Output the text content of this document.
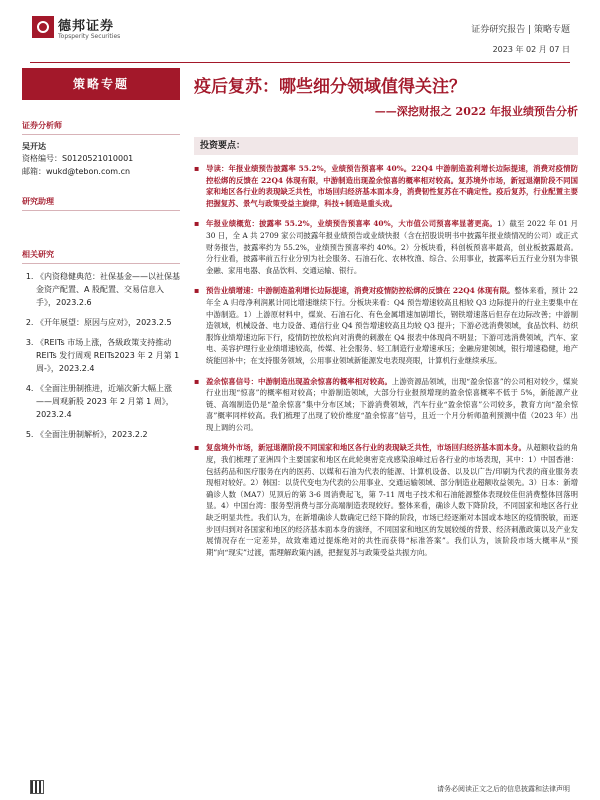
德邦证券
Topsperity Securities
证券研究报告 | 策略专题
2023 年 02 月 07 日
策略专题
证券分析师
吴开达
资格编号：S0120521010001
邮箱：wukd@tebon.com.cn
研究助理
相关研究
1. 《内资稳健典范：社保基金——以社保基金资产配置、A 股配置、交易信息入手》，2023.2.6
2. 《开年展望：原因与应对》，2023.2.5
3. 《REITs 市场上涨，各級政策支持推动 REITs 发行周观 REITs2023 年 2 月第 1 周-》，2023.2.4
4. 《全面注册制推进，近端次新大幅上涨——周观新股 2023 年 2 月第 1 周》，2023.2.4
5. 《全面注册制解析》，2023.2.2
疫后复苏：哪些细分领域值得关注？
——深挖财报之 2022 年报业绩预告分析
投资要点：
▪ 导读：年报业绩预告披露率 55.2%，业绩预告预喜率 40%。22Q4 中游制造盈利增长边际提速，消费对疫情防控松绑的反馈在 22Q4 体现有限，中游制造出现盈余惊喜的概率相对较高。复苏境外市场，新冠退潮阶段不同国家和地区各行业的表现缺乏共性，市场回归经济基本面本身，消费韧性复苏在不确定性。疫后复苏，行业配置主要把握复苏、景气与政策受益主旋律，科技+制造是重头戏。
▪ 年报业绩概览：披露率 55.2%，业绩预告预喜率 40%，大市值公司预喜率显著更高。1）截至 2022 年 01 月 30 日，全 A 共 2709 家公司披露年报业绩预告或业绩快报（含在招股说明书中披露年报业绩情况的公司）或正式财务报告，披露率约为 55.2%，业绩预告预喜率约 40%。2）分板块看，科创板预喜率最高，创业板披露最高。分行业看，披露率前五行业分别为社会服务、石油石化、农林牧渔、综合、公用事业，披露率后五行业分别为非银金融、家用电器、食品饮料、交通运输、银行。
▪ 预告业绩增速：中游制造盈利增长边际提速，消费对疫情防控松绑的反馈在 22Q4 体现有限。整体来看，预计 22 年全 A 归母净利润累计同比增速继续下行。分板块来看：Q4 预告增速较高且相较 Q3 边际提升的行业主要集中在中游制造。1）上游原材料中，煤炭、石油石化、有色金属增速加剧增长，钢铁增速落后但存在边际改善；中游制造领域，机械设备、电力设备、通信行业 Q4 预告增速较高且均较 Q3 提升；下游必选消费领域，食品饮料、纺织服饰业绩增速边际下行，疫情防控放松向对消费的刺激在 Q4 报表中体现尚不明显；下游可选消费领域，汽车、家电、美容护理行业业绩增速较高，传媒、社会服务、轻工制造行业增速承压；金融房建领域，银行增速稳健，地产统能回补中；在支持服务领域，公用事业领域新能源发电表现亮眼，计算机行业继续承压。
▪ 盈余惊喜信号：中游制造出现盈余惊喜的概率相对较高。上游资源品领域，出现“盈余惊喜”的公司相对较少，煤炭行业出现“惊喜”的概率相对较高；中游制造领域，大部分行业报预增现的盈余惊喜概率不低于 5%，新能源产业链、高端制造仍是“盈余惊喜”集中分布区域；下游消费领域，汽车行业“盈余惊喜”公司较多，教育方向“盈余惊喜”概率同样较高。我们梳理了出现了较价维度“盈余惊喜”信号，且近一个月分析师盈利预测中值（2023 年）出现上调的公司。
▪ 复盘境外市场，新冠退潮阶段不同国家和地区各行业的表现缺乏共性，市场回归经济基本面本身。从超额收益的角度，我们梳理了亚洲四个主要国家和地区在此轮奥密克戎感染浪峰过后各行业的市场表现，其中：1）中国香港：包括药品和医疗服务在内的医药、以媒和石油为代表的能源、计算机设备、以及以广告/印刷为代表的商业服务表现相对较好。2）韩国：以货代变电为代表的公用事业、交通运输领域、部分制造业超额收益领先。3）日本：新增确诊人数（MA7）见顶后的第 3-6 周消费起飞，第 7-11 周电子技术和石油能源整体表现较佳但消费整体回落明显。4）中国台湾：服务型消费与部分高端制造表现较好。整体来看，确诊人数下降阶段，不同国家和地区各行业缺乏明显共性。我们认为，在新增确诊人数确定已经下降的阶段，市场已经逐渐对本国或本地区的疫情脱敏，而逐步回归到对各国家和地区的经济基本面本身的演绎，不同国家和地区的发展较缓的背景、经济刺激政策以及产业发展情况存在一定差异，故致难通过提炼绝对的共性而获得“标准答案”。我们认为，该阶段市场大概率从“预期”向“现实”过渡，需理解政策内涵，把握复苏与政策受益共振方向。
请务必阅读正文之后的信息披露和法律声明
